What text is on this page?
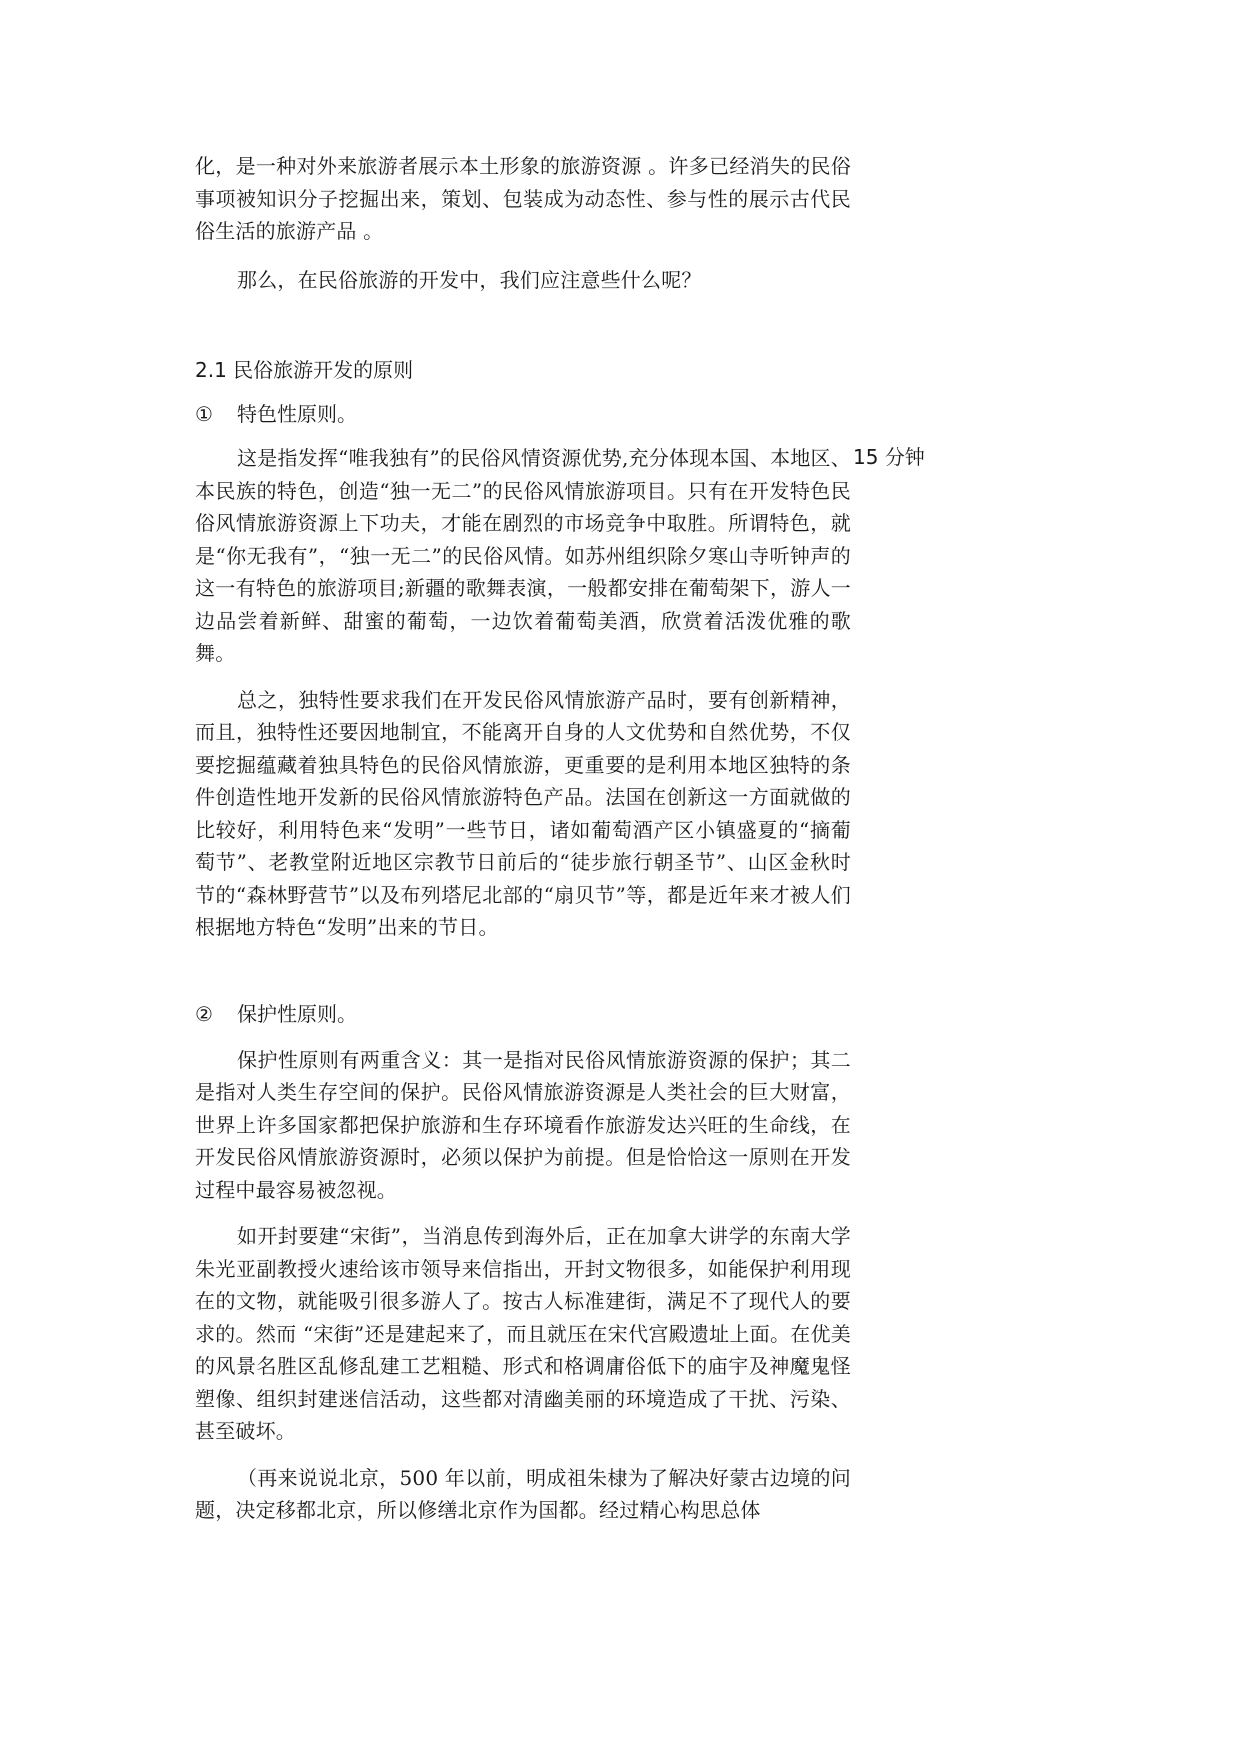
化，是一种对外来旅游者展示本土形象的旅游资源 。许多已经消失的民俗事项被知识分子挖掘出来，策划、包装成为动态性、参与性的展示古代民俗生活的旅游产品 。

那么，在民俗旅游的开发中，我们应注意些什么呢？

2.1 民俗旅游开发的原则

① 特色性原则。

这是指发挥“唯我独有”的民俗风情资源优势,充分体现本国、本地区、本民族的特色，创造“独一无二”的民俗风情旅游项目。只有在开发特色民俗风情旅游资源上下功夫，才能在剧烈的市场竞争中取胜。所谓特色，就是“你无我有”，“独一无二”的民俗风情。如苏州组织除夕寒山寺听钟声的这一有特色的旅游项目;新疆的歌舞表演，一般都安排在葡萄架下，游人一边品尝着新鲜、甜蜜的葡萄，一边饮着葡萄美酒，欣赏着活泼优雅的歌舞。

总之，独特性要求我们在开发民俗风情旅游产品时，要有创新精神，而且，独特性还要因地制宜，不能离开自身的人文优势和自然优势，不仅要挖掘蕴藏着独具特色的民俗风情旅游，更重要的是利用本地区独特的条件创造性地开发新的民俗风情旅游特色产品。法国在创新这一方面就做的比较好，利用特色来“发明”一些节日，诸如葡萄酒产区小镇盛夏的“摘葡萄节”、老教堂附近地区宗教节日前后的“徒步旅行朝圣节”、山区金秋时节的“森林野营节”以及布列塔尼北部的“扇贝节”等，都是近年来才被人们根据地方特色“发明”出来的节日。

② 保护性原则。

保护性原则有两重含义：其一是指对民俗风情旅游资源的保护；其二是指对人类生存空间的保护。民俗风情旅游资源是人类社会的巨大财富，世界上许多国家都把保护旅游和生存环境看作旅游发达兴旺的生命线，在开发民俗风情旅游资源时，必须以保护为前提。但是恰恰这一原则在开发过程中最容易被忽视。

如开封要建“宋街”，当消息传到海外后，正在加拿大讲学的东南大学朱光亚副教授火速给该市领导来信指出，开封文物很多，如能保护利用现在的文物，就能吸引很多游人了。按古人标准建街，满足不了现代人的要求的。然而 “宋街”还是建起来了，而且就压在宋代宫殿遗址上面。在优美的风景名胜区乱修乱建工艺粗糙、形式和格调庸俗低下的庙宇及神魔鬼怪塑像、组织封建迷信活动，这些都对清幽美丽的环境造成了干扰、污染、甚至破坏。

（再来说说北京，500 年以前，明成祖朱棣为了解决好蒙古边境的问题，决定移都北京，所以修缮北京作为国都。经过精心构思总体

15 分钟
